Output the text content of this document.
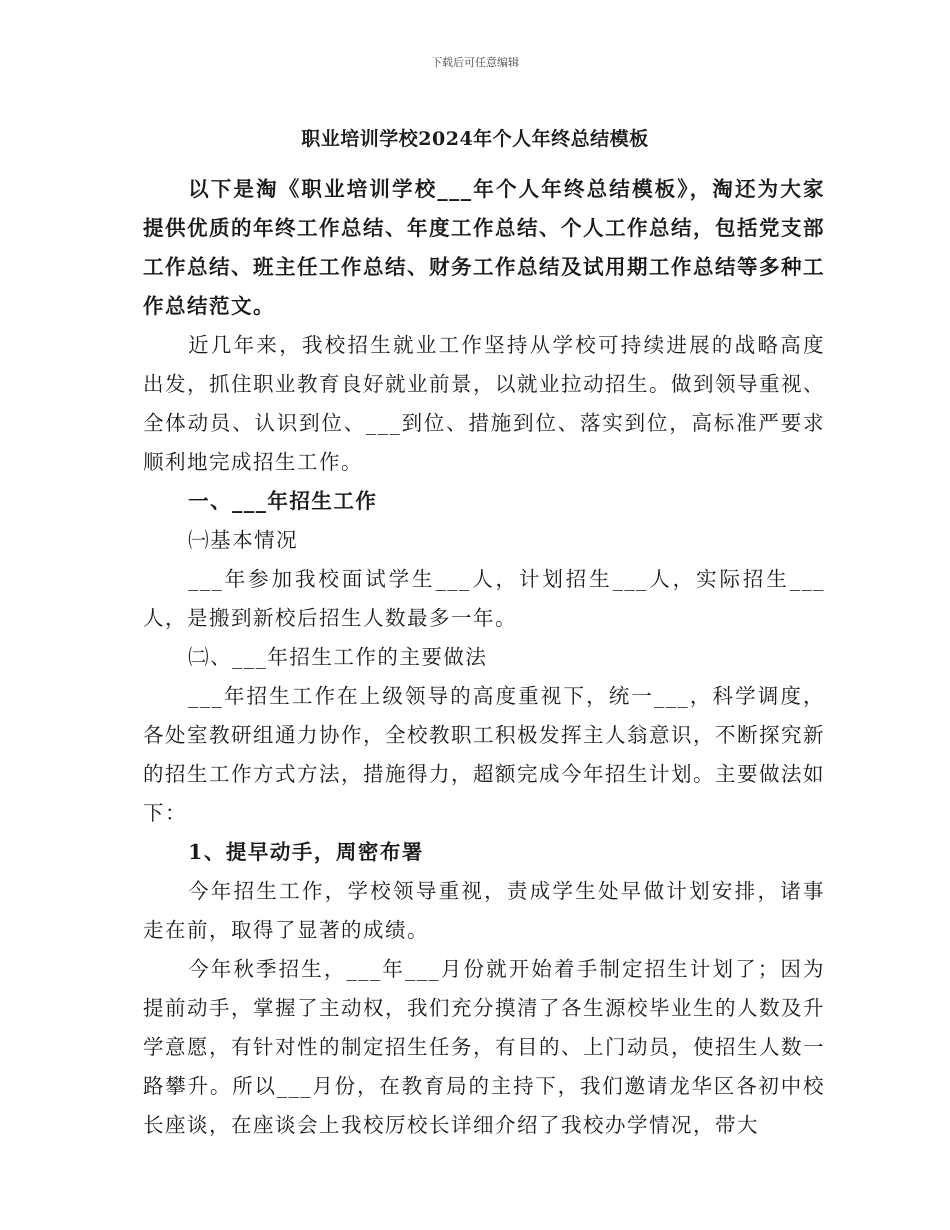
下载后可任意编辑
职业培训学校2024年个人年终总结模板

以下是淘《职业培训学校___年个人年终总结模板》，淘还为大家提供优质的年终工作总结、年度工作总结、个人工作总结，包括党支部工作总结、班主任工作总结、财务工作总结及试用期工作总结等多种工作总结范文。

近几年来，我校招生就业工作坚持从学校可持续进展的战略高度出发，抓住职业教育良好就业前景，以就业拉动招生。做到领导重视、全体动员、认识到位、___到位、措施到位、落实到位，高标准严要求顺利地完成招生工作。

一、___年招生工作

㈠基本情况

___年参加我校面试学生___人，计划招生___人，实际招生___人，是搬到新校后招生人数最多一年。

㈡、___年招生工作的主要做法

___年招生工作在上级领导的高度重视下，统一___，科学调度，各处室教研组通力协作，全校教职工积极发挥主人翁意识，不断探究新的招生工作方式方法，措施得力，超额完成今年招生计划。主要做法如下：

1、提早动手，周密布署

今年招生工作，学校领导重视，责成学生处早做计划安排，诸事走在前，取得了显著的成绩。

今年秋季招生，___年___月份就开始着手制定招生计划了；因为提前动手，掌握了主动权，我们充分摸清了各生源校毕业生的人数及升学意愿，有针对性的制定招生任务，有目的、上门动员，使招生人数一路攀升。所以___月份，在教育局的主持下，我们邀请龙华区各初中校长座谈，在座谈会上我校厉校长详细介绍了我校办学情况，带大
